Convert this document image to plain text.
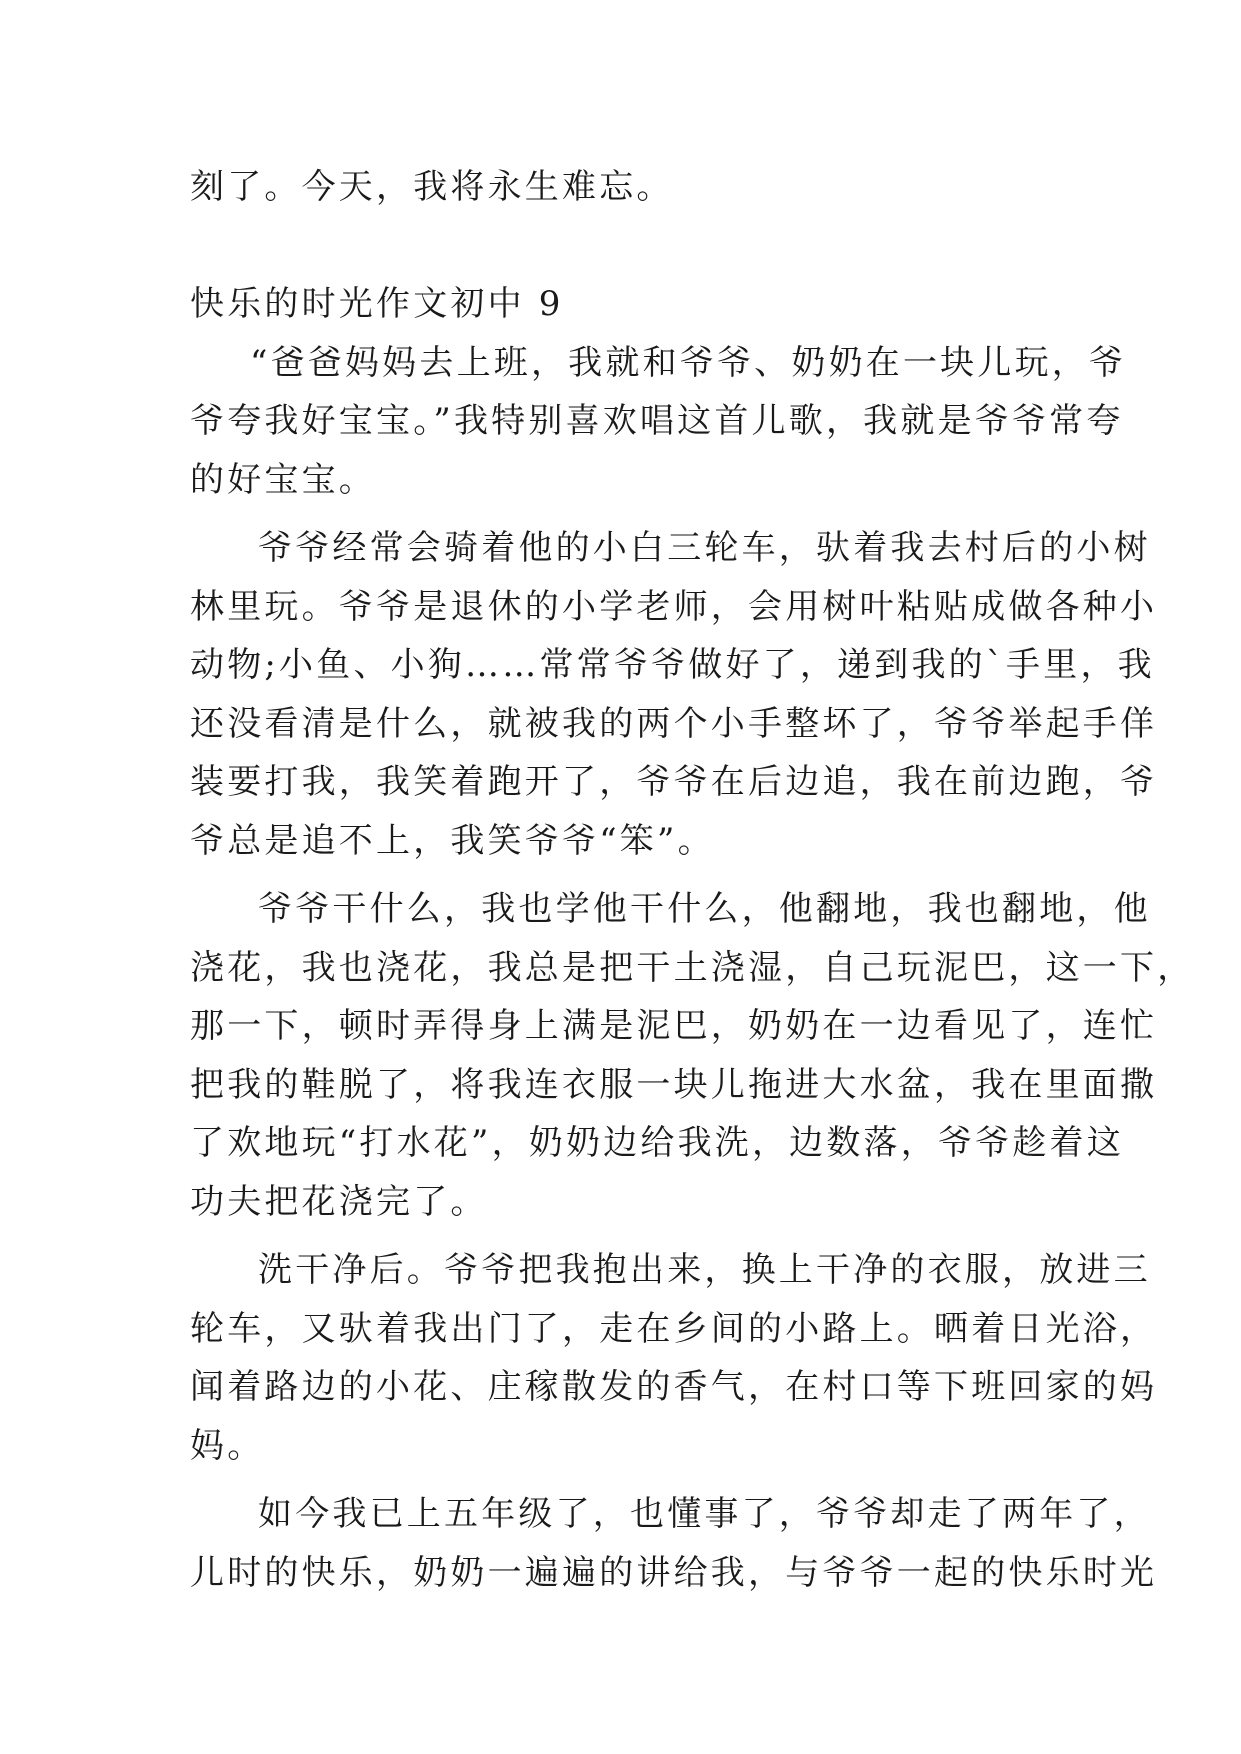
刻了。今天，我将永生难忘。
快乐的时光作文初中 9
“爸爸妈妈去上班，我就和爷爷、奶奶在一块儿玩，爷
爷夸我好宝宝。”我特别喜欢唱这首儿歌，我就是爷爷常夸
的好宝宝。
爷爷经常会骑着他的小白三轮车，驮着我去村后的小树
林里玩。爷爷是退休的小学老师，会用树叶粘贴成做各种小
动物;小鱼、小狗……常常爷爷做好了，递到我的`手里，我
还没看清是什么，就被我的两个小手整坏了，爷爷举起手佯
装要打我，我笑着跑开了，爷爷在后边追，我在前边跑，爷
爷总是追不上，我笑爷爷“笨”。
爷爷干什么，我也学他干什么，他翻地，我也翻地，他
浇花，我也浇花，我总是把干土浇湿，自己玩泥巴，这一下，
那一下，顿时弄得身上满是泥巴，奶奶在一边看见了，连忙
把我的鞋脱了，将我连衣服一块儿拖进大水盆，我在里面撒
了欢地玩“打水花”，奶奶边给我洗，边数落，爷爷趁着这
功夫把花浇完了。
洗干净后。爷爷把我抱出来，换上干净的衣服，放进三
轮车，又驮着我出门了，走在乡间的小路上。晒着日光浴，
闻着路边的小花、庄稼散发的香气，在村口等下班回家的妈
妈。
如今我已上五年级了，也懂事了，爷爷却走了两年了，
儿时的快乐，奶奶一遍遍的讲给我，与爷爷一起的快乐时光
